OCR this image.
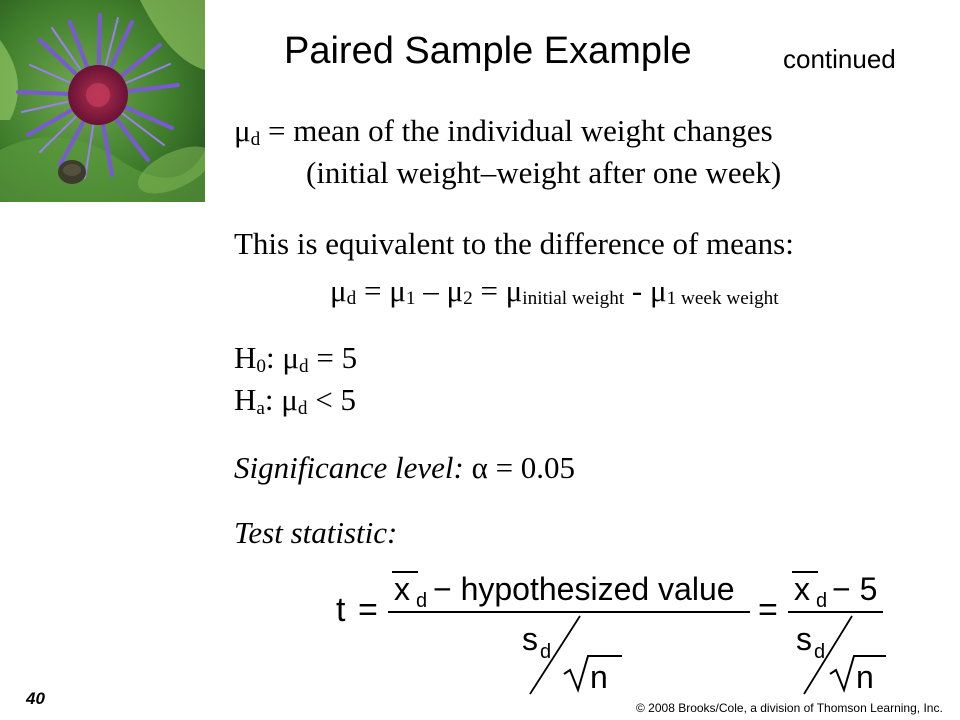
Paired Sample Example	continued
μd = mean of the individual weight changes
(initial weight–weight after one week)
This is equivalent to the difference of means:
μd = μ1 – μ2 = μinitial weight - μ1 week weight
H0: μd = 5
Ha: μd < 5
Significance level: α = 0.05
Test statistic:
t =
x d − hypothesized value
s d
n
=
x d − 5
s d
n
40	© 2008 Brooks/Cole, a division of Thomson Learning, Inc.
